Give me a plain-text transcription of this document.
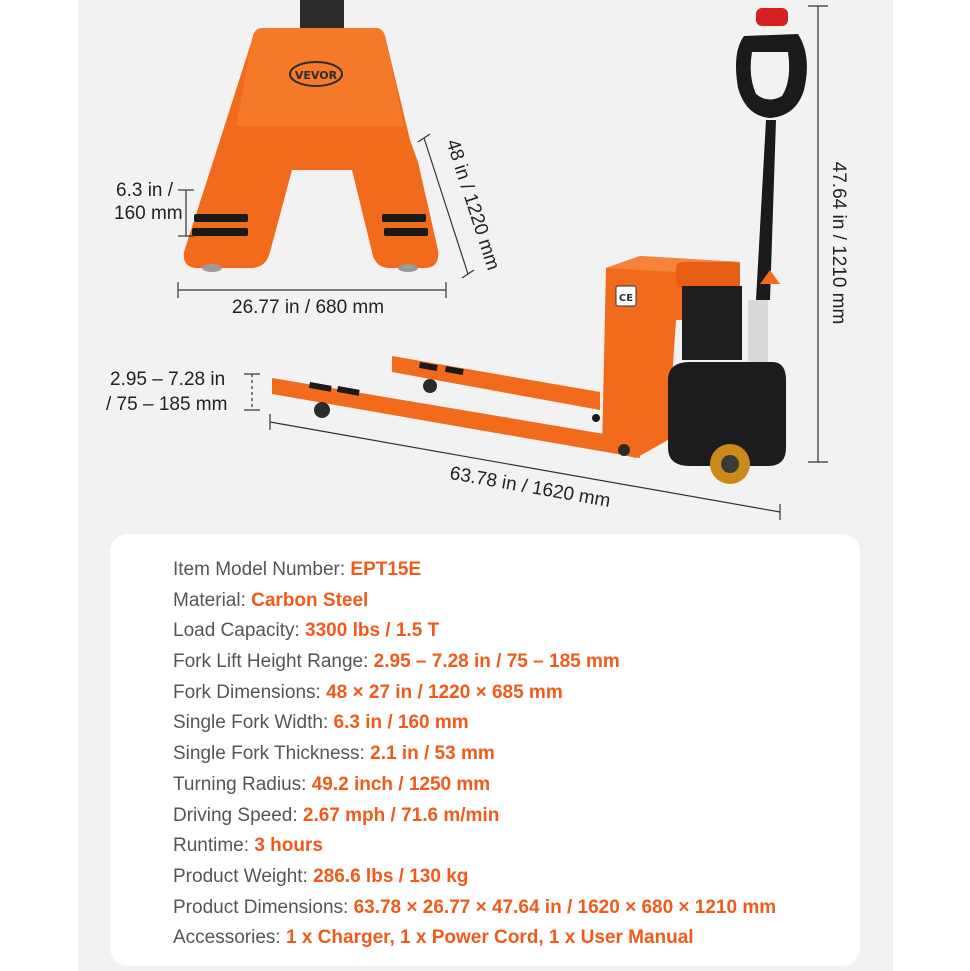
VEVOR
CE
6.3 in /
160 mm
26.77 in / 680 mm
48 in / 1220 mm	47.64 in / 1210 mm
2.95 – 7.28 in
/ 75 – 185 mm
63.78 in / 1620 mm
Item Model Number: EPT15E
Material: Carbon Steel
Load Capacity: 3300 lbs / 1.5 T
Fork Lift Height Range: 2.95 – 7.28 in / 75 – 185 mm
Fork Dimensions: 48 × 27 in / 1220 × 685 mm
Single Fork Width: 6.3 in / 160 mm
Single Fork Thickness: 2.1 in / 53 mm
Turning Radius: 49.2 inch / 1250 mm
Driving Speed: 2.67 mph / 71.6 m/min
Runtime: 3 hours
Product Weight: 286.6 lbs / 130 kg
Product Dimensions: 63.78 × 26.77 × 47.64 in / 1620 × 680 × 1210 mm
Accessories: 1 x Charger, 1 x Power Cord, 1 x User Manual
